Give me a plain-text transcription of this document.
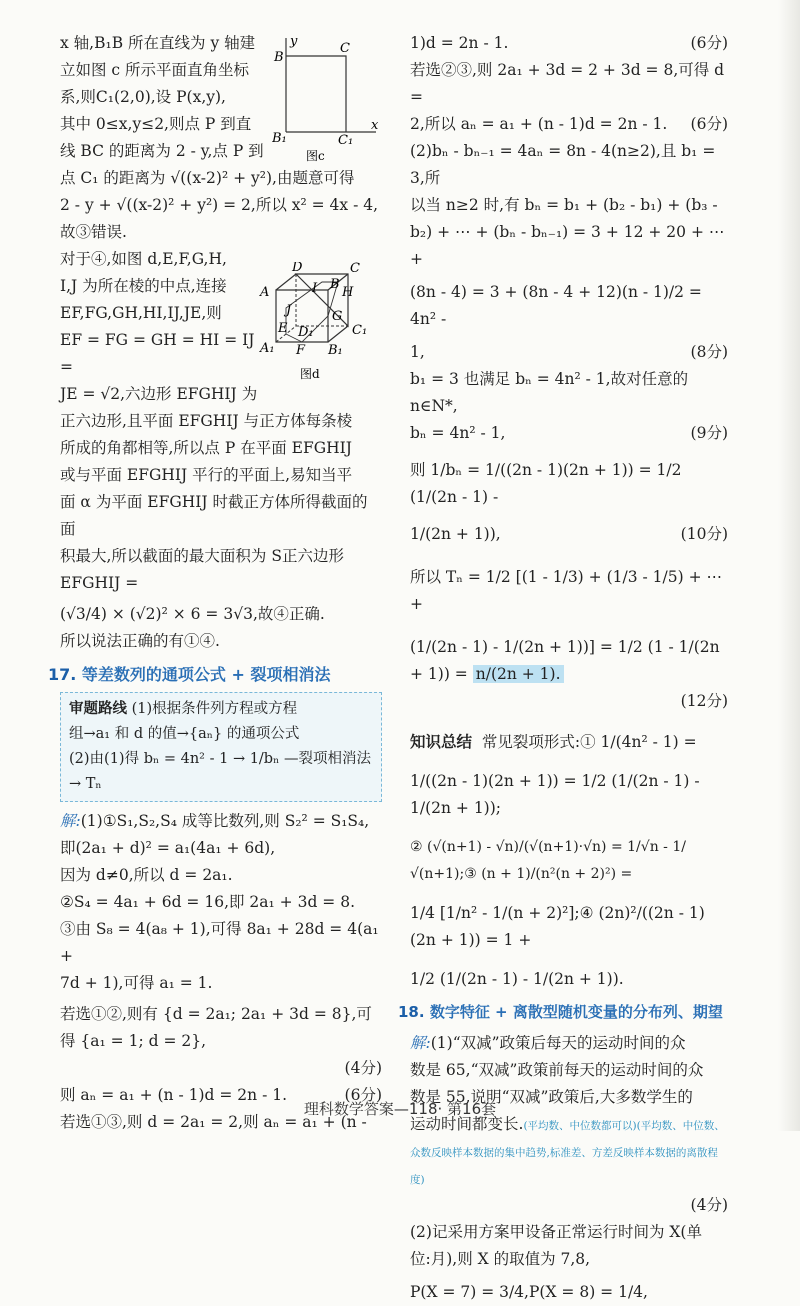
x 轴,B₁B 所在直线为 y 轴建

立如图 c 所示平面直角坐标

系,则C₁(2,0),设 P(x,y),

其中 0≤x,y≤2,则点 P 到直

线 BC 的距离为 2 - y,点 P 到

点 C₁ 的距离为 √((x-2)² + y²),由题意可得

2 - y + √((x-2)² + y²) = 2,所以 x² = 4x - 4,

故③错误.

对于④,如图 d,E,F,G,H,

I,J 为所在棱的中点,连接

EF,FG,GH,HI,IJ,JE,则

EF = FG = GH = HI = IJ =

JE = √2,六边形 EFGHIJ 为

正六边形,且平面 EFGHIJ 与正方体每条棱

所成的角都相等,所以点 P 在平面 EFGHIJ

或与平面 EFGHIJ 平行的平面上,易知当平

面 α 为平面 EFGHIJ 时截正方体所得截面的面

积最大,所以截面的最大面积为 S正六边形EFGHIJ =

(√3/4) × (√2)² × 6 = 3√3,故④正确.

所以说法正确的有①④.

17. 等差数列的通项公式 + 裂项相消法
审题路线 (1)根据条件列方程或方程
组→a₁ 和 d 的值→{aₙ} 的通项公式
(2)由(1)得 bₙ = 4n² - 1 → 1/bₙ —裂项相消法→ Tₙ

解:(1)①S₁,S₂,S₄ 成等比数列,则 S₂² = S₁S₄,

即(2a₁ + d)² = a₁(4a₁ + 6d),

因为 d≠0,所以 d = 2a₁.

②S₄ = 4a₁ + 6d = 16,即 2a₁ + 3d = 8.

③由 S₈ = 4(a₈ + 1),可得 8a₁ + 28d = 4(a₁ +

7d + 1),可得 a₁ = 1.

若选①②,则有 {d = 2a₁; 2a₁ + 3d = 8},可得 {a₁ = 1; d = 2},

(4分)

则 aₙ = a₁ + (n - 1)d = 2n - 1.	(6分)

若选①③,则 d = 2a₁ = 2,则 aₙ = a₁ + (n -

y
B
C
B₁	C₁
x
图c
D	C
B
H
A
J	G
I
E D₁	C₁
A₁ F B₁
图d

1)d = 2n - 1.	(6分)

若选②③,则 2a₁ + 3d = 2 + 3d = 8,可得 d =

2,所以 aₙ = a₁ + (n - 1)d = 2n - 1. (6分)

(2)bₙ - bₙ₋₁ = 4aₙ = 8n - 4(n≥2),且 b₁ = 3,所

以当 n≥2 时,有 bₙ = b₁ + (b₂ - b₁) + (b₃ -

b₂) + ⋯ + (bₙ - bₙ₋₁) = 3 + 12 + 20 + ⋯ +

(8n - 4) = 3 + (8n - 4 + 12)(n - 1)/2 = 4n² -

1,	(8分)

b₁ = 3 也满足 bₙ = 4n² - 1,故对任意的 n∈N*,

bₙ = 4n² - 1,	(9分)

则 1/bₙ = 1/((2n - 1)(2n + 1)) = 1/2 (1/(2n - 1) -

1/(2n + 1)),	(10分)

所以 Tₙ = 1/2 [(1 - 1/3) + (1/3 - 1/5) + ⋯ +

(1/(2n - 1) - 1/(2n + 1))] = 1/2 (1 - 1/(2n + 1)) = n/(2n + 1).

(12分)

知识总结 常见裂项形式:① 1/(4n² - 1) =

1/((2n - 1)(2n + 1)) = 1/2 (1/(2n - 1) - 1/(2n + 1));

② (√(n+1) - √n)/(√(n+1)·√n) = 1/√n - 1/√(n+1);③ (n + 1)/(n²(n + 2)²) =

1/4 [1/n² - 1/(n + 2)²];④ (2n)²/((2n - 1)(2n + 1)) = 1 +

1/2 (1/(2n - 1) - 1/(2n + 1)).

18. 数字特征 + 离散型随机变量的分布列、期望

解:(1)“双减”政策后每天的运动时间的众

数是 65,“双减”政策前每天的运动时间的众

数是 55,说明“双减”政策后,大多数学生的

运动时间都变长.(平均数、中位数都可以)(平均数、中位数、众数反映样本数据的集中趋势,标准差、方差反映样本数据的离散程度)

(4分)

(2)记采用方案甲设备正常运行时间为 X(单

位:月),则 X 的取值为 7,8,

P(X = 7) = 3/4,P(X = 8) = 1/4,

理科数学答案—118· 第16套
